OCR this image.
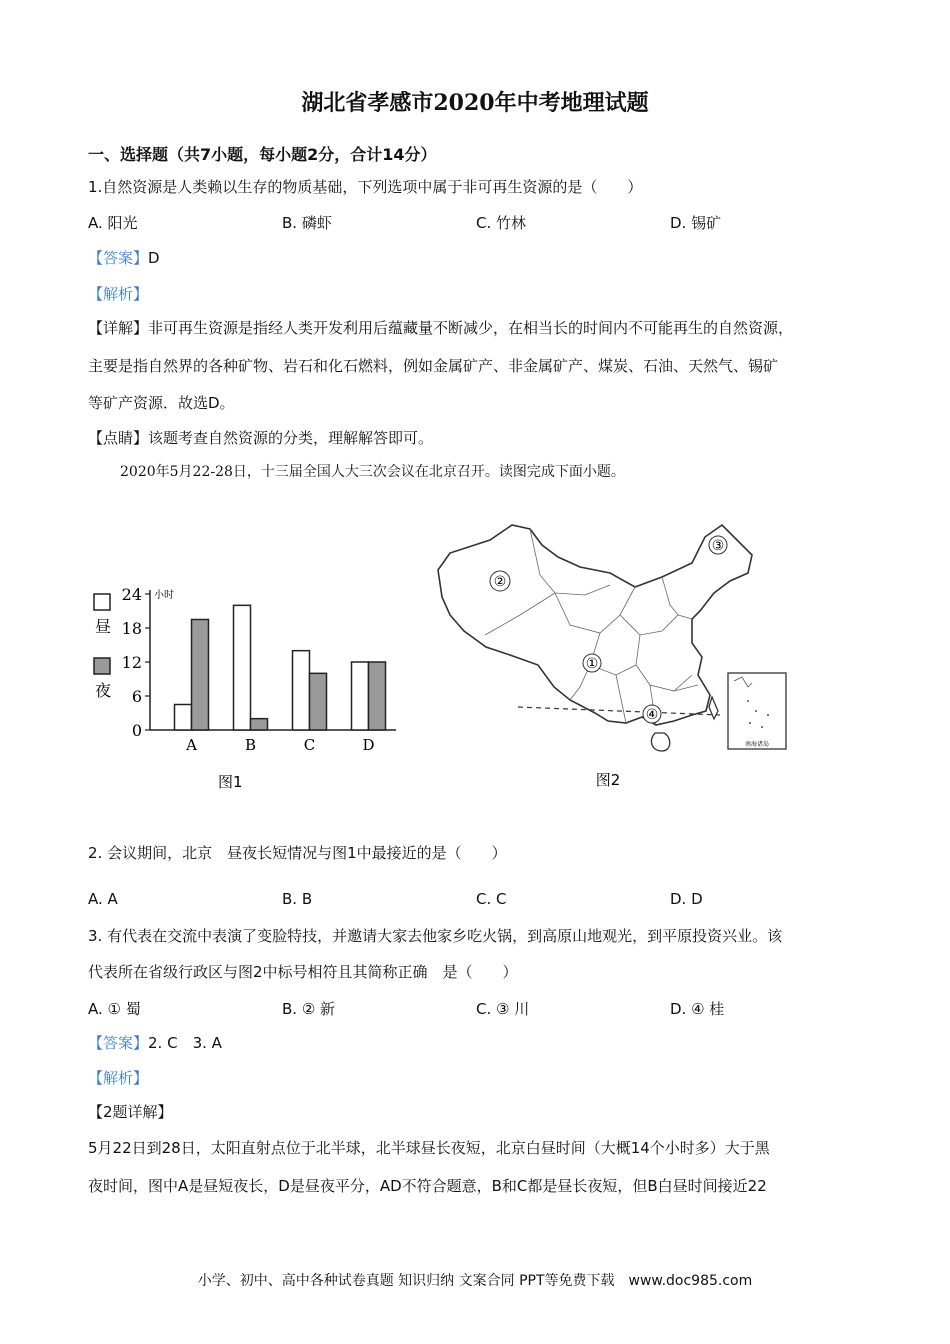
湖北省孝感市2020年中考地理试题
一、选择题（共7小题，每小题2分，合计14分）
1.自然资源是人类赖以生存的物质基础，下列选项中属于非可再生资源的是（　　）
A. 阳光	B. 磷虾	C. 竹林	D. 锡矿
【答案】D
【解析】
【详解】非可再生资源是指经人类开发利用后蕴藏量不断减少，在相当长的时间内不可能再生的自然资源，
主要是指自然界的各种矿物、岩石和化石燃料，例如金属矿产、非金属矿产、煤炭、石油、天然气、锡矿
等矿产资源．故选D。
【点睛】该题考查自然资源的分类，理解解答即可。
2020年5月22-28日，十三届全国人大三次会议在北京召开。读图完成下面小题。
0
6
12
18
24
A	B	C	D
昼
夜
小时
图1
①
②
③
④
南海诸岛
图2
2. 会议期间，北京　昼夜长短情况与图1中最接近的是（　　）
A. A	B. B	C. C	D. D
3. 有代表在交流中表演了变脸特技，并邀请大家去他家乡吃火锅，到高原山地观光，到平原投资兴业。该
代表所在省级行政区与图2中标号相符且其简称正确　是（　　）
A. ① 蜀	B. ② 新	C. ③ 川	D. ④ 桂
【答案】2. C　3. A
【解析】
【2题详解】
5月22日到28日，太阳直射点位于北半球，北半球昼长夜短，北京白昼时间（大概14个小时多）大于黑
夜时间，图中A是昼短夜长，D是昼夜平分，AD不符合题意，B和C都是昼长夜短，但B白昼时间接近22
小学、初中、高中各种试卷真题 知识归纳 文案合同 PPT等免费下载　www.doc985.com
